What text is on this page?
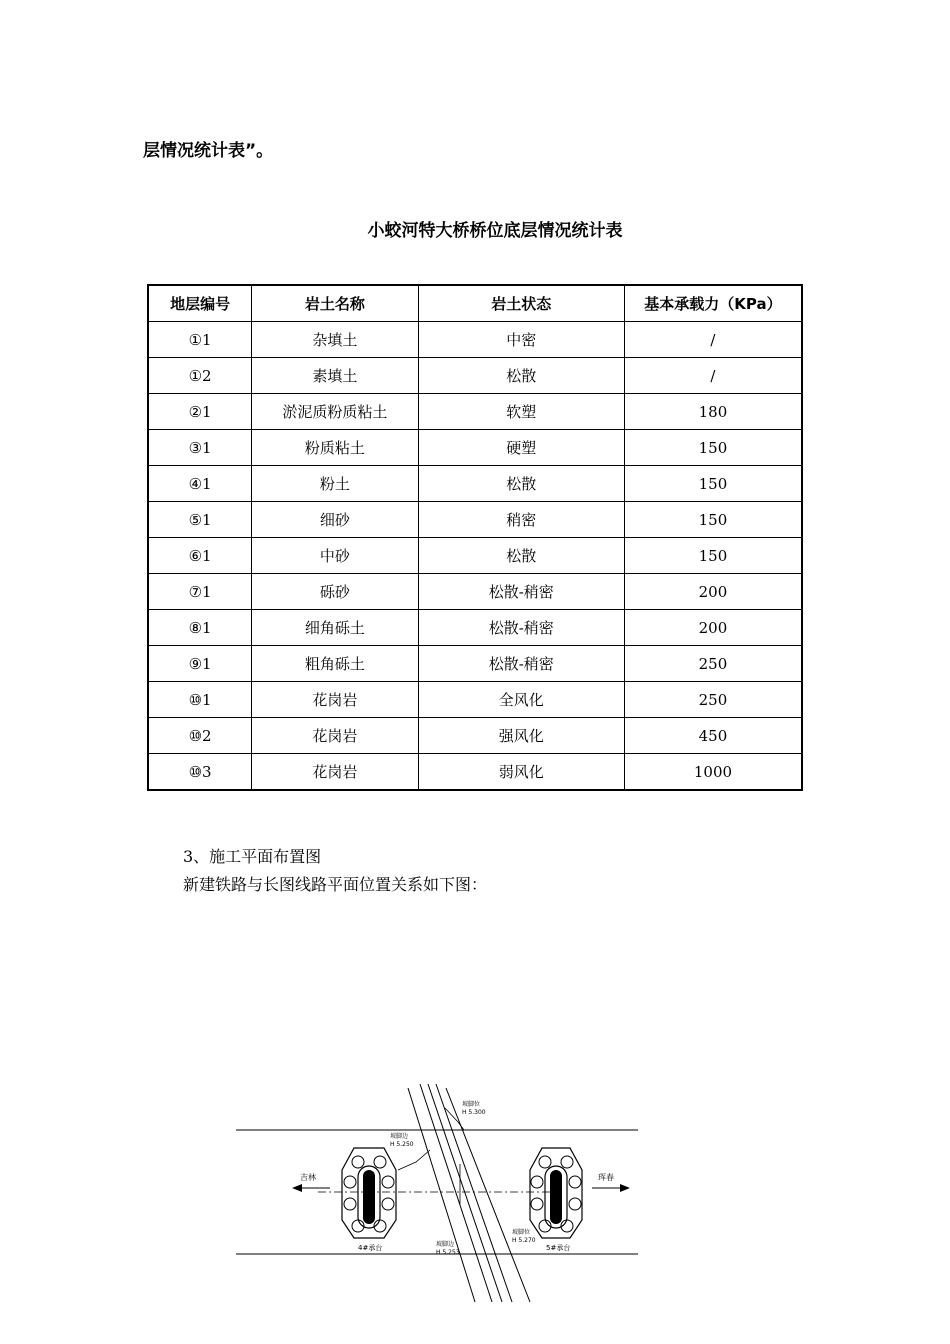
层情况统计表”。
小蛟河特大桥桥位底层情况统计表
地层编号	岩土名称	岩土状态	基本承载力（KPa）
①1	杂填土	中密	/
①2	素填土	松散	/
②1	淤泥质粉质粘土	软塑	180
③1	粉质粘土	硬塑	150
④1	粉土	松散	150
⑤1	细砂	稍密	150
⑥1	中砂	松散	150
⑦1	砾砂	松散-稍密	200
⑧1	细角砾土	松散-稍密	200
⑨1	粗角砾土	松散-稍密	250
⑩1	花岗岩	全风化	250
⑩2	花岗岩	强风化	450
⑩3	花岗岩	弱风化	1000
3、施工平面布置图
新建铁路与长图线路平面位置关系如下图：
吉林	珲春
4#承台	5#承台
坡脚位
H 5.300
坡脚边
H 5.250
坡脚边
H 5.253
坡脚位
H 5.270
